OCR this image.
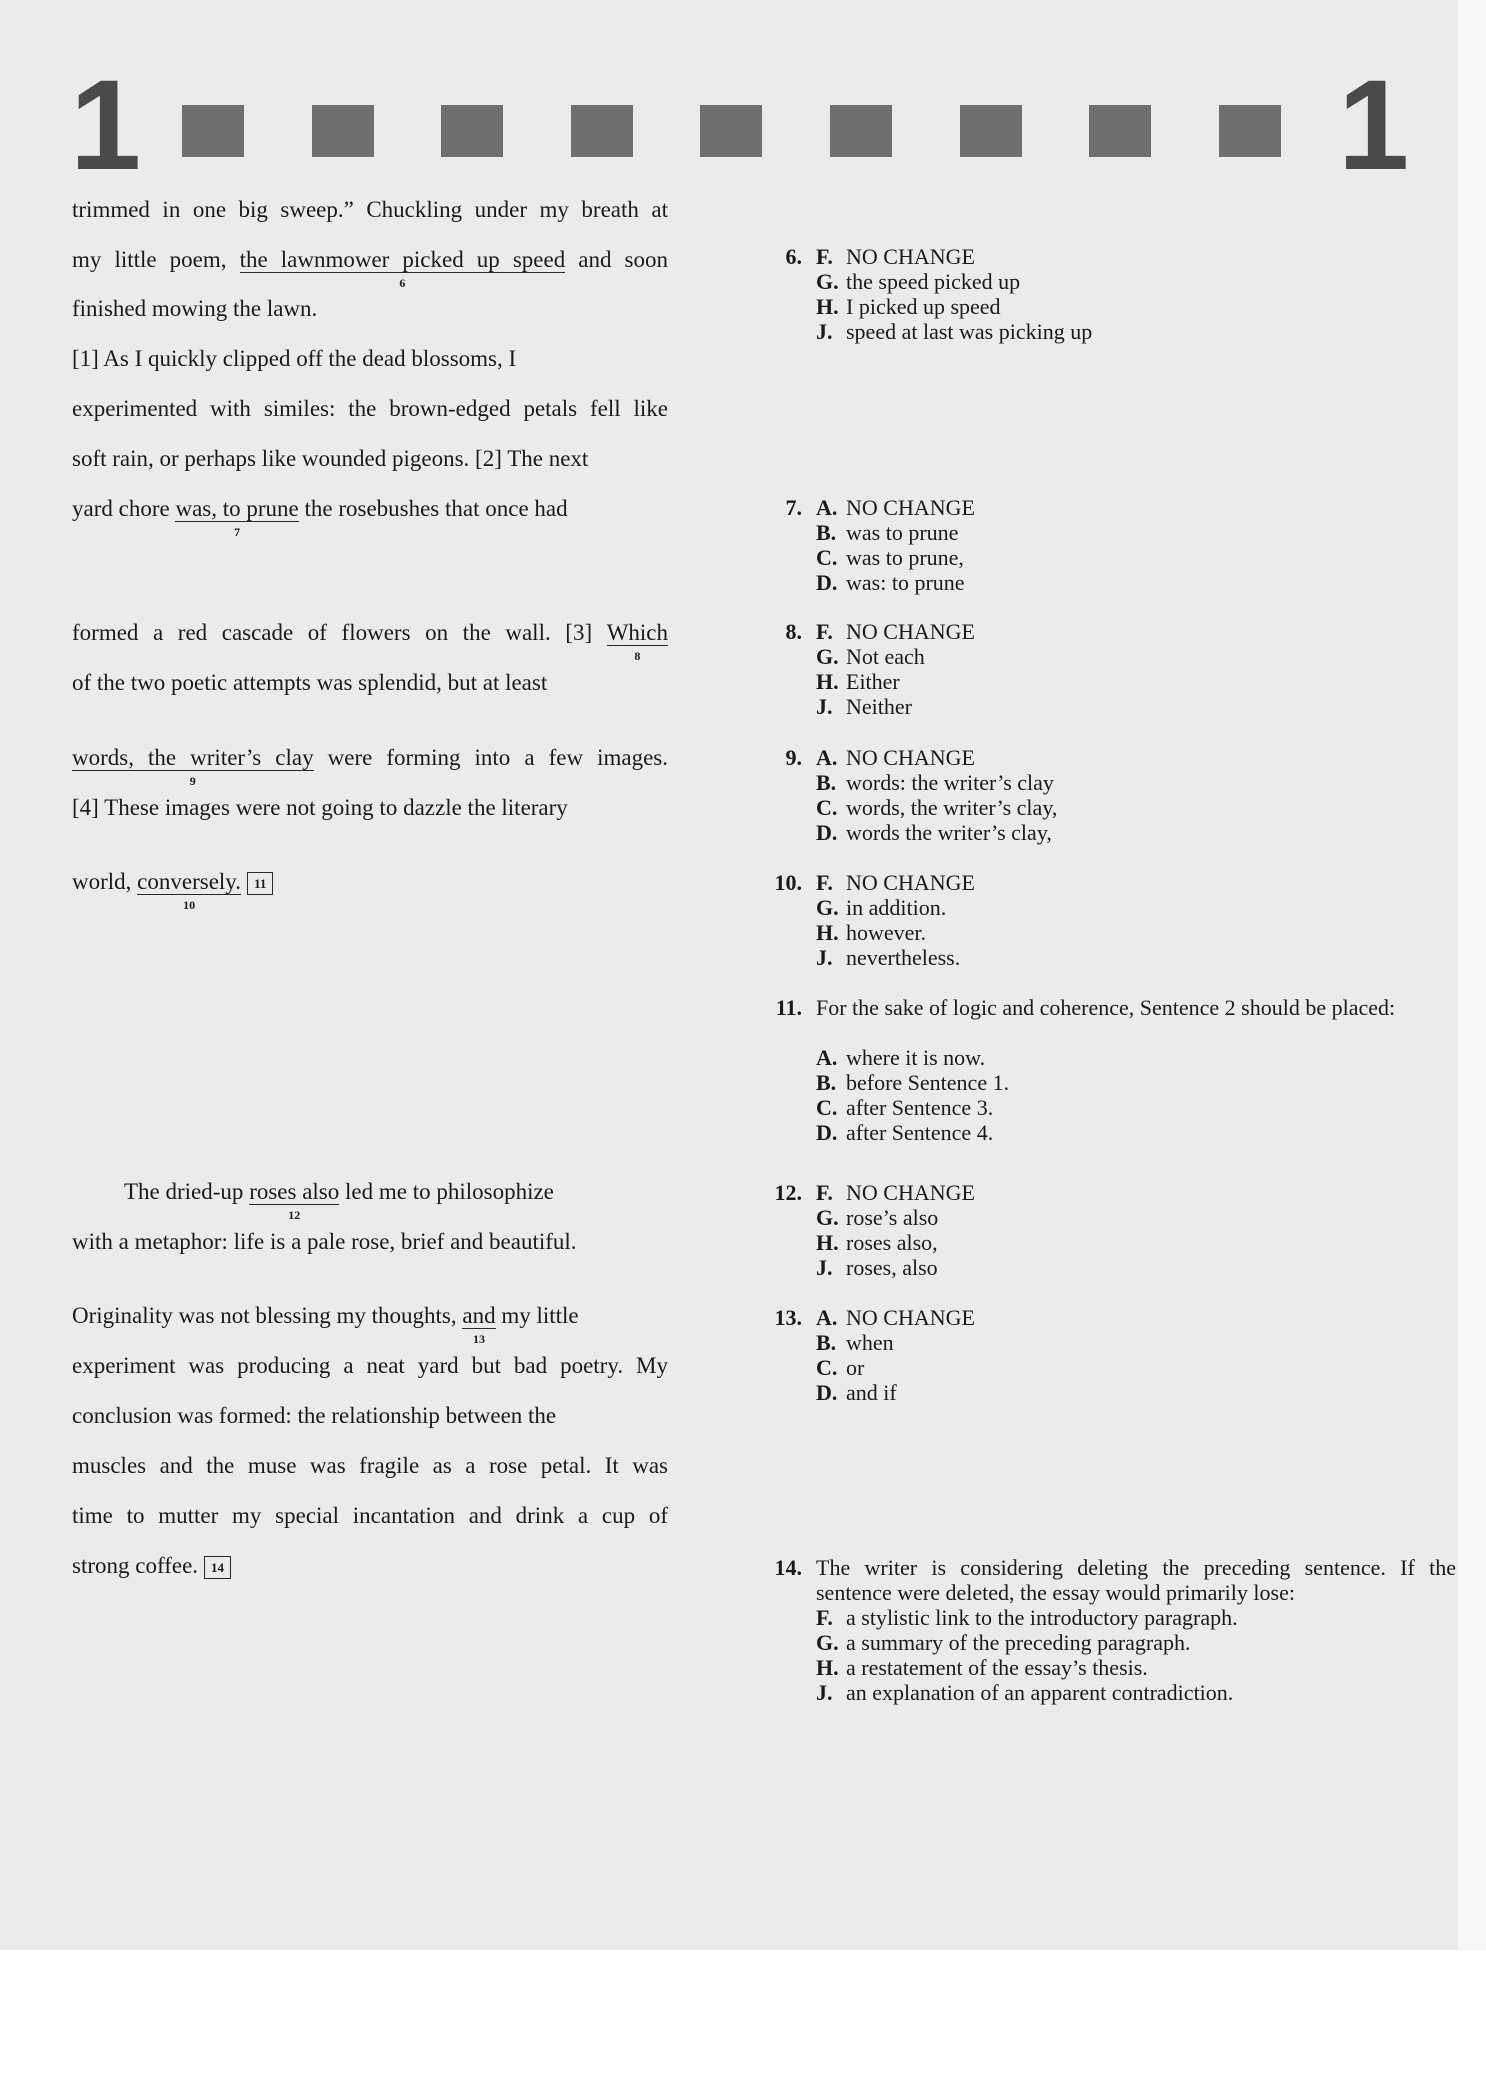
1	1
trimmed in one big sweep.” Chuckling under my breath at
my little poem, the lawnmower picked up speed
6
and soon
finished mowing the lawn.
[1] As I quickly clipped off the dead blossoms, I
experimented with similes: the brown-edged petals fell like
soft rain, or perhaps like wounded pigeons. [2] The next
yard chore was, to prune
7
the rosebushes that once had
formed a red cascade of flowers on the wall. [3] Which
8
of the two poetic attempts was splendid, but at least
words, the writer’s clay
9
were forming into a few images.
[4] These images were not going to dazzle the literary
world, conversely.
10
11
The dried-up roses also
12
led me to philosophize
with a metaphor: life is a pale rose, brief and beautiful.
Originality was not blessing my thoughts, and
13
my little
experiment was producing a neat yard but bad poetry. My
conclusion was formed: the relationship between the
muscles and the muse was fragile as a rose petal. It was
time to mutter my special incantation and drink a cup of
strong coffee. 14
6. F. NO CHANGE
G. the speed picked up
H. I picked up speed
J. speed at last was picking up
7. A. NO CHANGE
B. was to prune
C. was to prune,
D. was: to prune
8. F. NO CHANGE
G. Not each
H. Either
J. Neither
9. A. NO CHANGE
B. words: the writer’s clay
C. words, the writer’s clay,
D. words the writer’s clay,
10. F. NO CHANGE
G. in addition.
H. however.
J. nevertheless.
11. For the sake of logic and coherence, Sentence 2 should be placed:
A. where it is now.
B. before Sentence 1.
C. after Sentence 3.
D. after Sentence 4.
12. F. NO CHANGE
G. rose’s also
H. roses also,
J. roses, also
13. A. NO CHANGE
B. when
C. or
D. and if
14. The writer is considering deleting the preceding sentence. If the sentence were deleted, the essay would primarily lose:
F. a stylistic link to the introductory paragraph.
G. a summary of the preceding paragraph.
H. a restatement of the essay’s thesis.
J. an explanation of an apparent contradiction.
